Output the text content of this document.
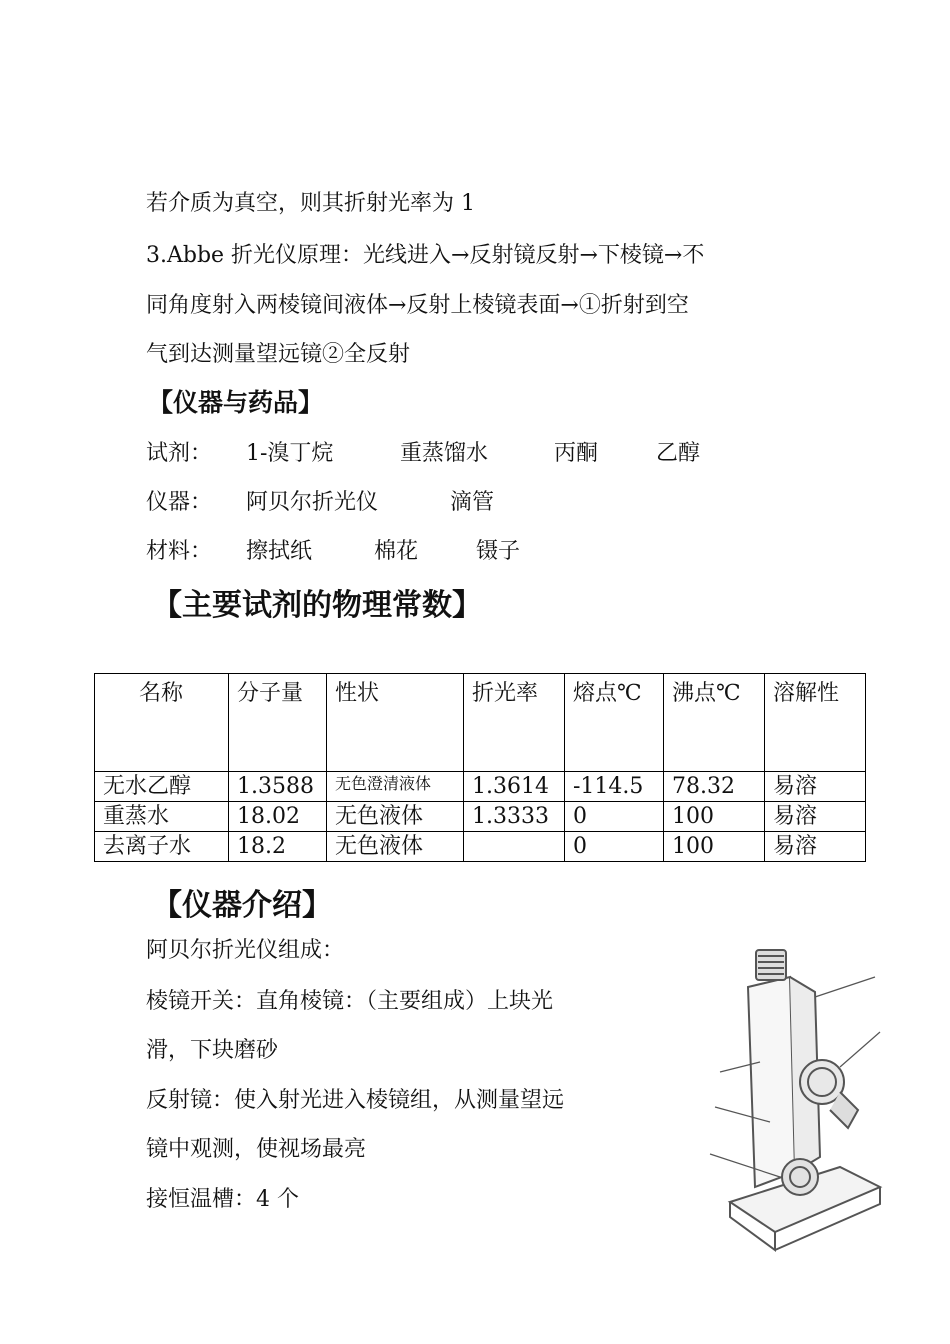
若介质为真空，则其折射光率为 1
3.Abbe 折光仪原理：光线进入→反射镜反射→下棱镜→不
同角度射入两棱镜间液体→反射上棱镜表面→①折射到空
气到达测量望远镜②全反射
【仪器与药品】
试剂： 1-溴丁烷	重蒸馏水	丙酮	乙醇
仪器： 阿贝尔折光仪	滴管
材料： 擦拭纸	棉花	镊子
【主要试剂的物理常数】
名称	分子量	性状	折光率	熔点℃	沸点℃	溶解性
无水乙醇	1.3588	无色澄清液体	1.3614	-114.5	78.32	易溶
重蒸水	18.02	无色液体	1.3333	0	100	易溶
去离子水	18.2	无色液体		0	100	易溶
【仪器介绍】
阿贝尔折光仪组成：
棱镜开关：直角棱镜：（主要组成）上块光
滑，下块磨砂
反射镜：使入射光进入棱镜组，从测量望远
镜中观测，使视场最亮
接恒温槽：4 个
